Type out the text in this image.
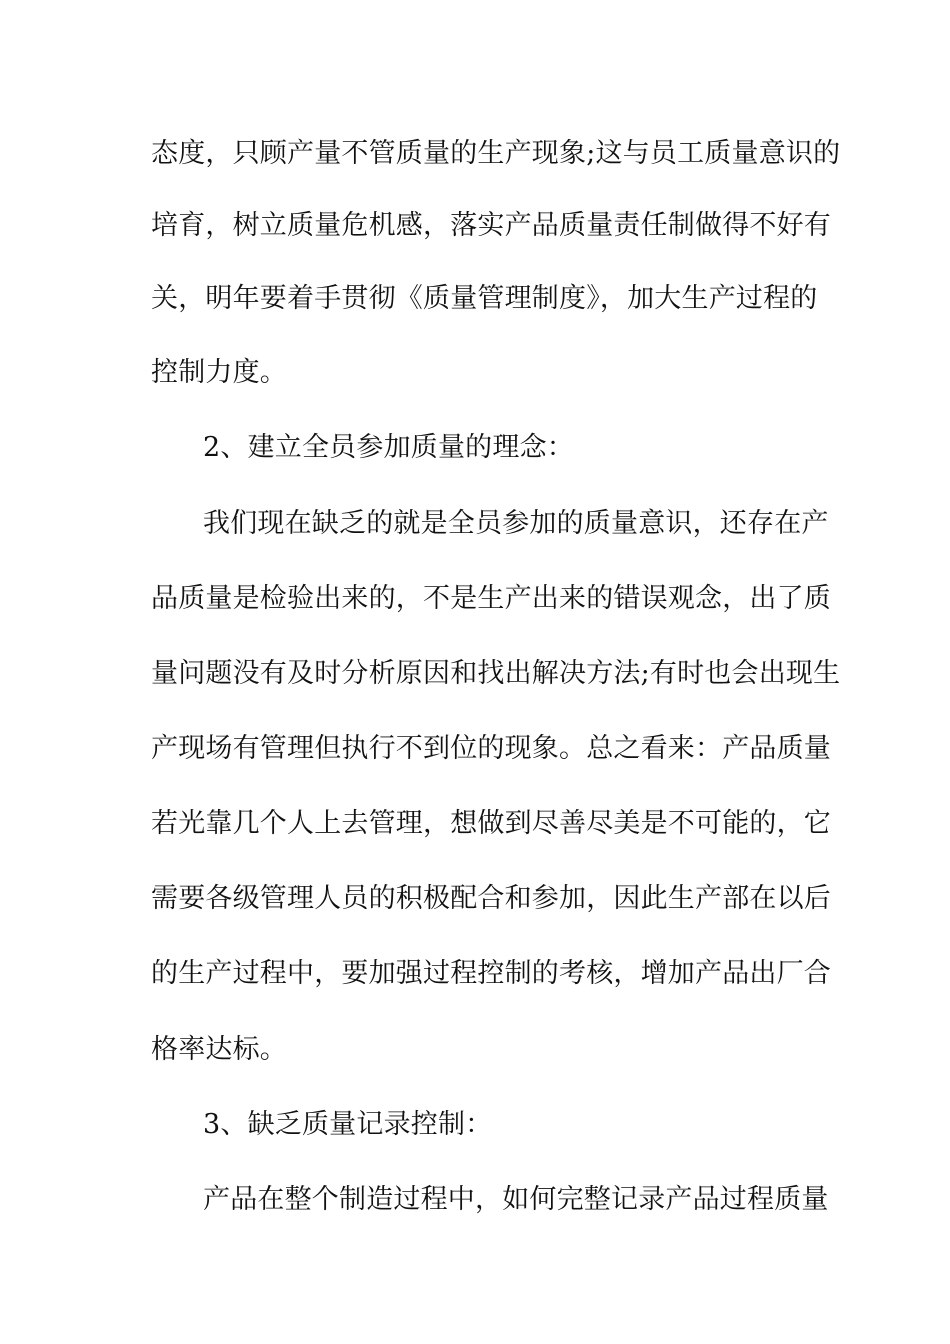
态度，只顾产量不管质量的生产现象;这与员工质量意识的
培育，树立质量危机感，落实产品质量责任制做得不好有
关，明年要着手贯彻《质量管理制度》，加大生产过程的
控制力度。
2、建立全员参加质量的理念：
我们现在缺乏的就是全员参加的质量意识，还存在产
品质量是检验出来的，不是生产出来的错误观念，出了质
量问题没有及时分析原因和找出解决方法;有时也会出现生
产现场有管理但执行不到位的现象。总之看来：产品质量
若光靠几个人上去管理，想做到尽善尽美是不可能的，它
需要各级管理人员的积极配合和参加，因此生产部在以后
的生产过程中，要加强过程控制的考核，增加产品出厂合
格率达标。
3、缺乏质量记录控制：
产品在整个制造过程中，如何完整记录产品过程质量
